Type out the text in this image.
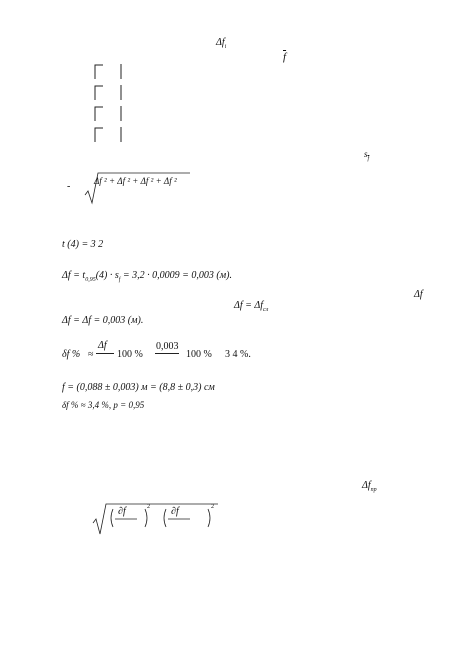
$\Delta f_i$
$\overline{f}$
$s_{\overline{f}}$
-	Δf ² + Δf ² + Δf ² + Δf ²
t (4) = 3 2
$\Delta f = t_{0,95}(4) \cdot s_f = 3,2 \cdot 0,0009 = 0,003$ (м).
Δf
$\Delta f = \Delta f_{сл}$
Δf = Δf = 0,003 (м).
δf % ≈
Δf
f
100 %
0,003
0,088
100 % 3 4 %.
f = (0,088 ± 0,003) м = (8,8 ± 0,3) см
δf % ≈ 3,4 %, p = 0,95
$\Delta f_{пр}$
∂f	2 ∂f	2
